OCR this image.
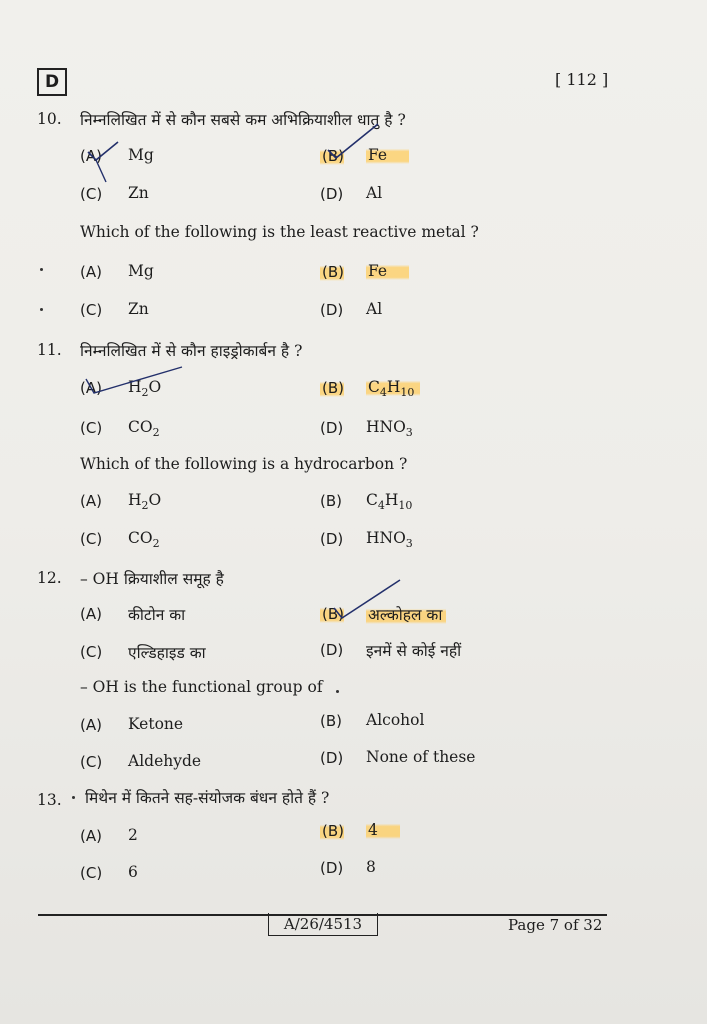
D	[ 112 ]
10. निम्नलिखित में से कौन सबसे कम अभिक्रियाशील धातु है ?
(A) Mg	(B) Fe
(C) Zn	(D) Al
Which of the following is the least reactive metal ?
(A) Mg	(B) Fe
(C) Zn	(D) Al
11. निम्नलिखित में से कौन हाइड्रोकार्बन है ?
(A) $H_2O$	(B) $C_4H_{10}$
(C) $CO_2$	(D) $HNO_3$
Which of the following is a hydrocarbon ?
(A) $H_2O$	(B) $C_4H_{10}$
(C) $CO_2$	(D) $HNO_3$
12. – OH क्रियाशील समूह है
(A) कीटोन का	(B) अल्कोहल का
(C) एल्डिहाइड का	(D) इनमें से कोई नहीं
– OH is the functional group of
(A) Ketone	(B) Alcohol
(C) Aldehyde	(D) None of these
13. मिथेन में कितने सह-संयोजक बंधन होते हैं ?
(A) 2	(B) 4
(C) 6	(D) 8
A/26/4513	Page 7 of 32
